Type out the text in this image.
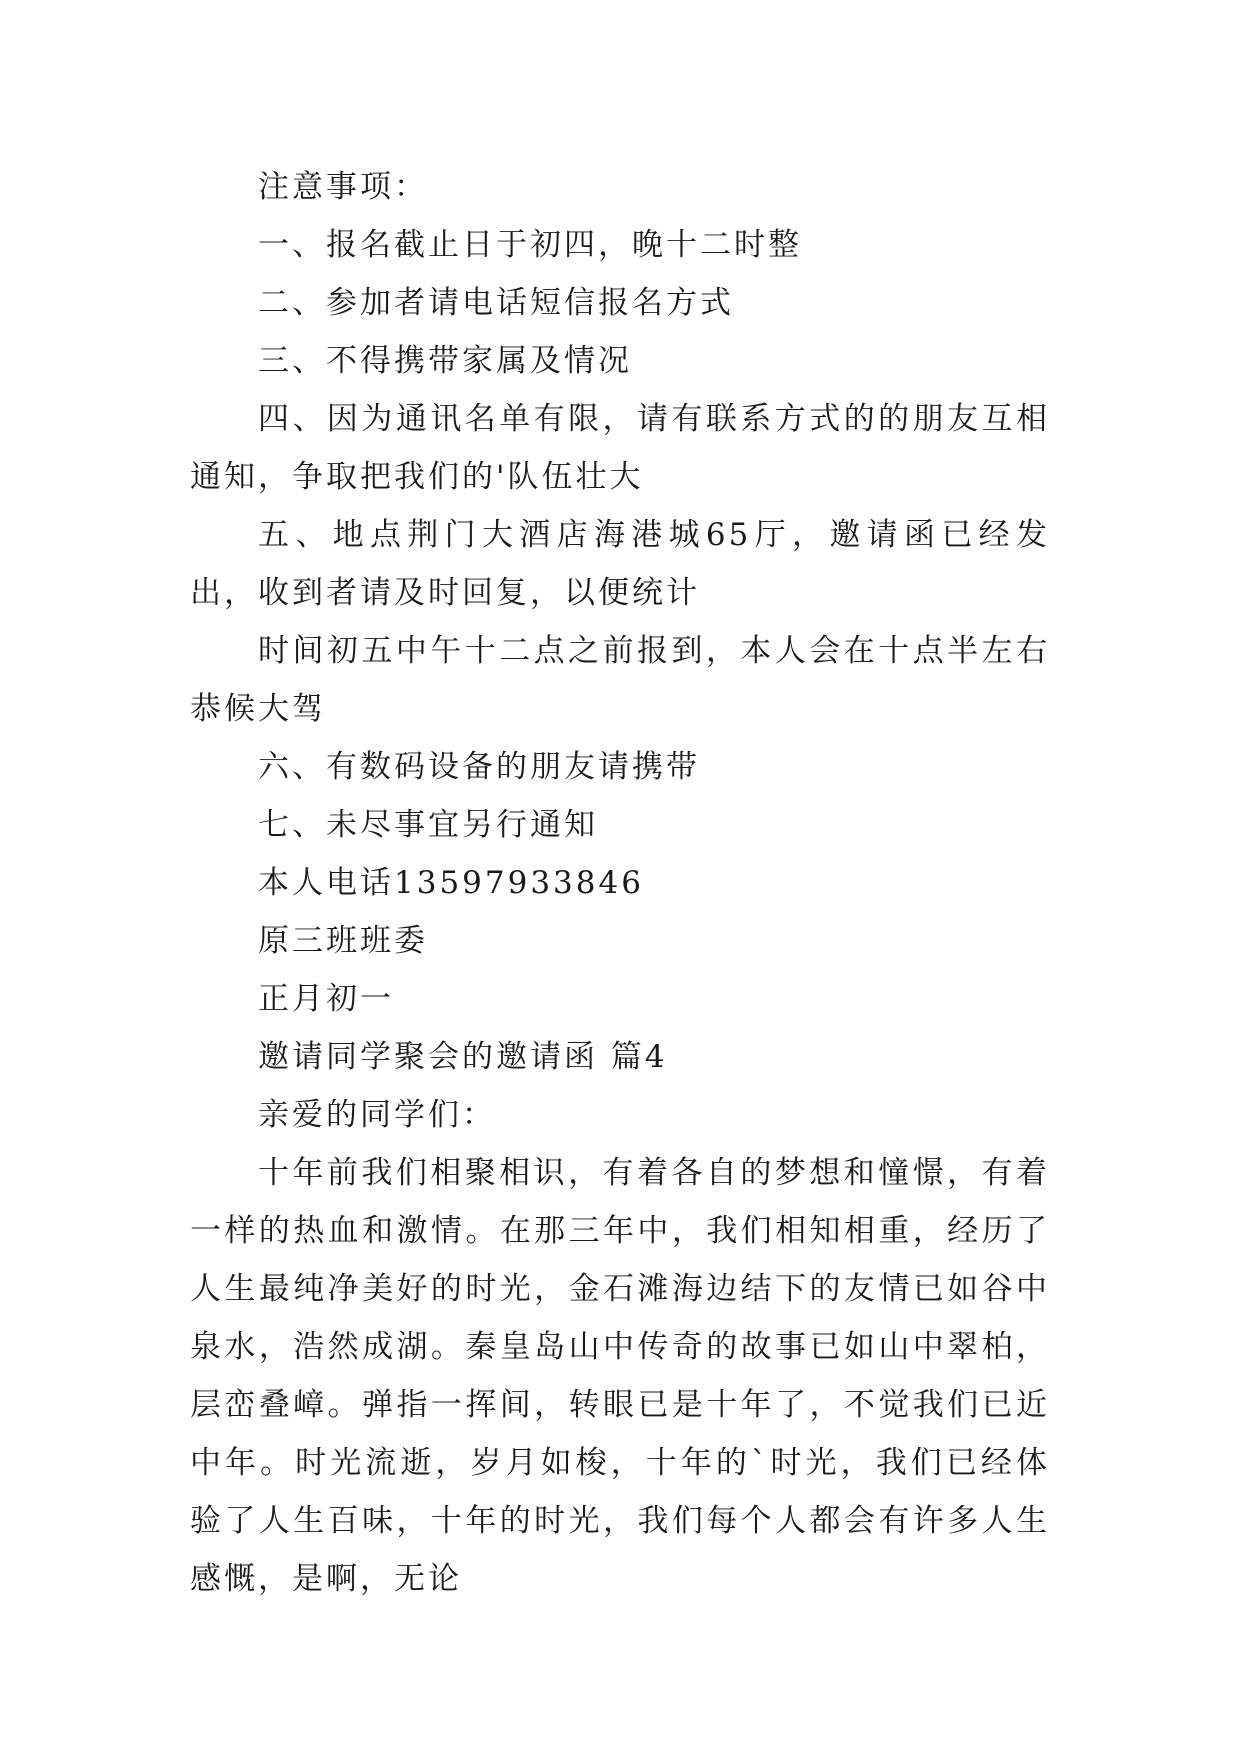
注意事项：

一、报名截止日于初四，晚十二时整

二、参加者请电话短信报名方式

三、不得携带家属及情况

四、因为通讯名单有限，请有联系方式的的朋友互相通知，争取把我们的'队伍壮大

五、地点荆门大酒店海港城65厅，邀请函已经发出，收到者请及时回复，以便统计

时间初五中午十二点之前报到，本人会在十点半左右恭候大驾

六、有数码设备的朋友请携带

七、未尽事宜另行通知

本人电话13597933846

原三班班委

正月初一

邀请同学聚会的邀请函 篇4

亲爱的同学们：

十年前我们相聚相识，有着各自的梦想和憧憬，有着一样的热血和激情。在那三年中，我们相知相重，经历了人生最纯净美好的时光，金石滩海边结下的友情已如谷中泉水，浩然成湖。秦皇岛山中传奇的故事已如山中翠柏，层峦叠嶂。弹指一挥间，转眼已是十年了，不觉我们已近中年。时光流逝，岁月如梭，十年的`时光，我们已经体验了人生百味，十年的时光，我们每个人都会有许多人生感慨，是啊，无论
